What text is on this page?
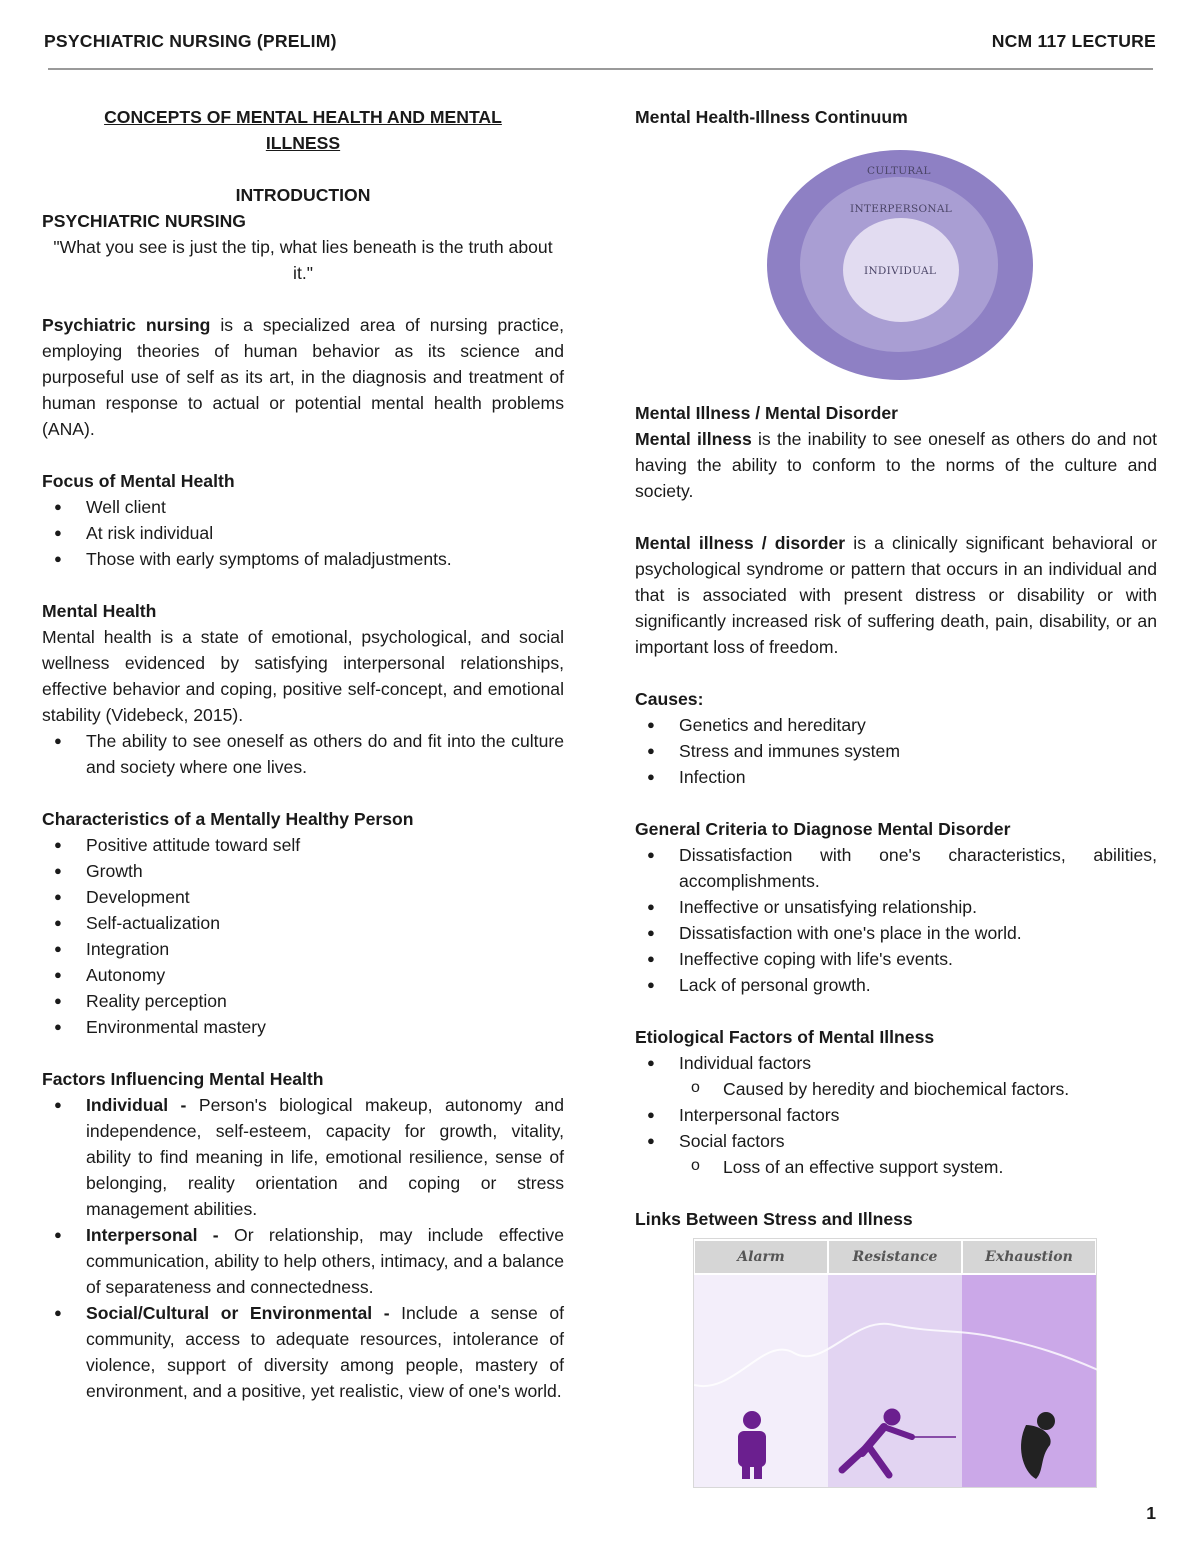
PSYCHIATRIC NURSING (PRELIM)	NCM 117 LECTURE
CONCEPTS OF MENTAL HEALTH AND MENTAL
ILLNESS
INTRODUCTION
PSYCHIATRIC NURSING
"What you see is just the tip, what lies beneath is the truth about it."

Psychiatric nursing is a specialized area of nursing practice, employing theories of human behavior as its science and purposeful use of self as its art, in the diagnosis and treatment of human response to actual or potential mental health problems (ANA).

Focus of Mental Health
● Well client
● At risk individual
● Those with early symptoms of maladjustments.
Mental Health

Mental health is a state of emotional, psychological, and social wellness evidenced by satisfying interpersonal relationships, effective behavior and coping, positive self-concept, and emotional stability (Videbeck, 2015).

● The ability to see oneself as others do and fit into the culture and society where one lives.
Characteristics of a Mentally Healthy Person
● Positive attitude toward self
● Growth
● Development
● Self-actualization
● Integration
● Autonomy
● Reality perception
● Environmental mastery
Factors Influencing Mental Health
● Individual - Person's biological makeup, autonomy and independence, self-esteem, capacity for growth, vitality, ability to find meaning in life, emotional resilience, sense of belonging, reality orientation and coping or stress management abilities.
● Interpersonal - Or relationship, may include effective communication, ability to help others, intimacy, and a balance of separateness and connectedness.
● Social/Cultural or Environmental - Include a sense of community, access to adequate resources, intolerance of violence, support of diversity among people, mastery of environment, and a positive, yet realistic, view of one's world.
Mental Health-Illness Continuum
CULTURAL
INTERPERSONAL
INDIVIDUAL
Mental Illness / Mental Disorder

Mental illness is the inability to see oneself as others do and not having the ability to conform to the norms of the culture and society.

Mental illness / disorder is a clinically significant behavioral or psychological syndrome or pattern that occurs in an individual and that is associated with present distress or disability or with significantly increased risk of suffering death, pain, disability, or an important loss of freedom.

Causes:
● Genetics and hereditary
● Stress and immunes system
● Infection
General Criteria to Diagnose Mental Disorder
● Dissatisfaction with one's characteristics, abilities, accomplishments.
● Ineffective or unsatisfying relationship.
● Dissatisfaction with one's place in the world.
● Ineffective coping with life's events.
● Lack of personal growth.
Etiological Factors of Mental Illness
● Individual factors
o Caused by heredity and biochemical factors.
● Interpersonal factors
● Social factors
o Loss of an effective support system.
Links Between Stress and Illness
Alarm	Resistance	Exhaustion
1
